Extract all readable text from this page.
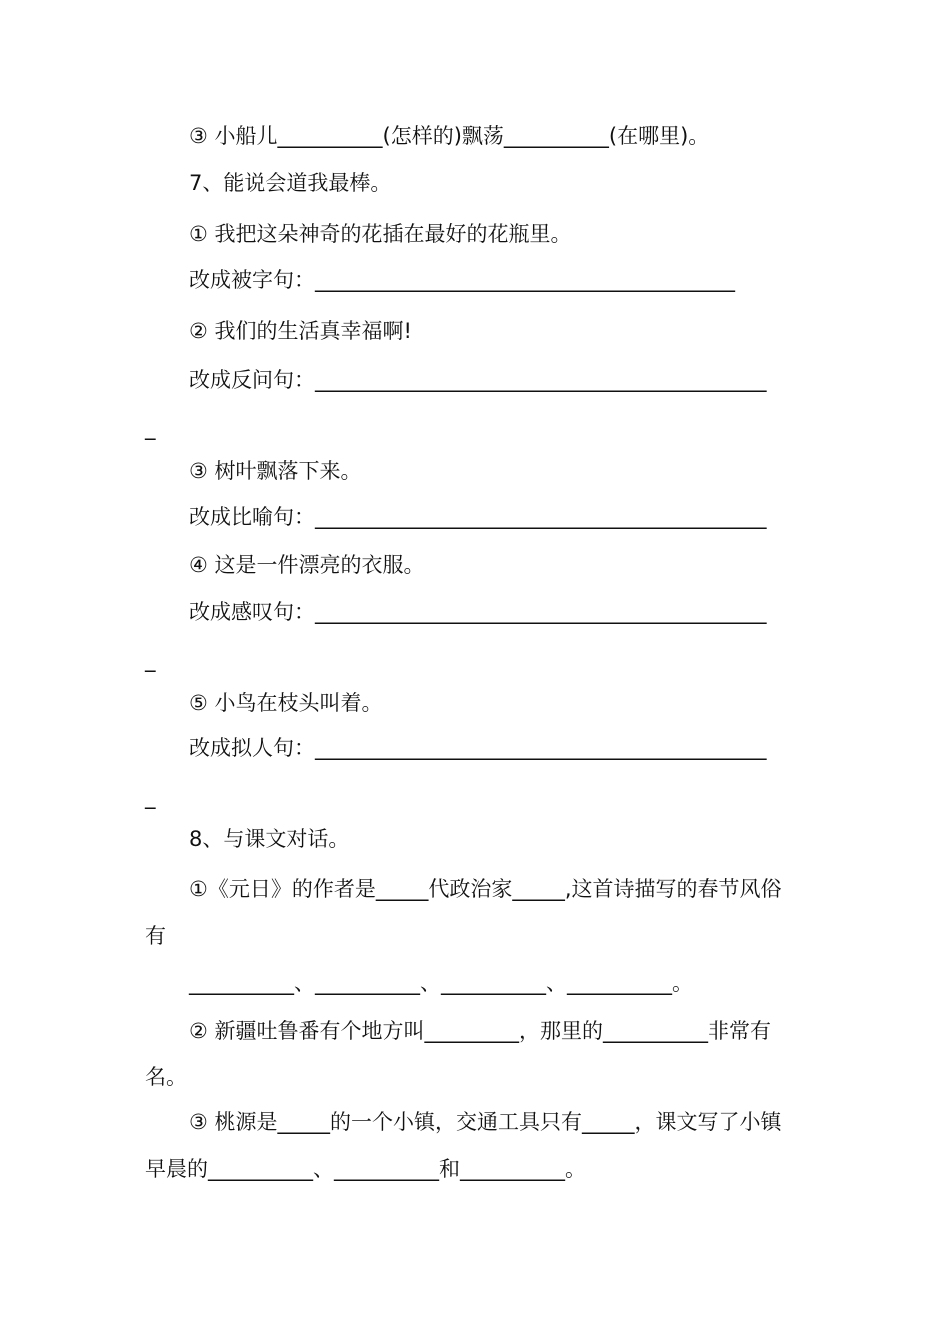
③ 小船儿__________(怎样的)飘荡__________(在哪里)。
7、能说会道我最棒。
① 我把这朵神奇的花插在最好的花瓶里。
改成被字句：________________________________________
② 我们的生活真幸福啊!
改成反问句：___________________________________________
_
③ 树叶飘落下来。
改成比喻句：___________________________________________
④ 这是一件漂亮的衣服。
改成感叹句：___________________________________________
_
⑤ 小鸟在枝头叫着。
改成拟人句：___________________________________________
_
8、与课文对话。
①《元日》的作者是_____代政治家_____,这首诗描写的春节风俗
有
__________、__________、__________、__________。
② 新疆吐鲁番有个地方叫_________，那里的__________非常有
名。
③ 桃源是_____的一个小镇，交通工具只有_____，课文写了小镇
早晨的__________、__________和__________。
